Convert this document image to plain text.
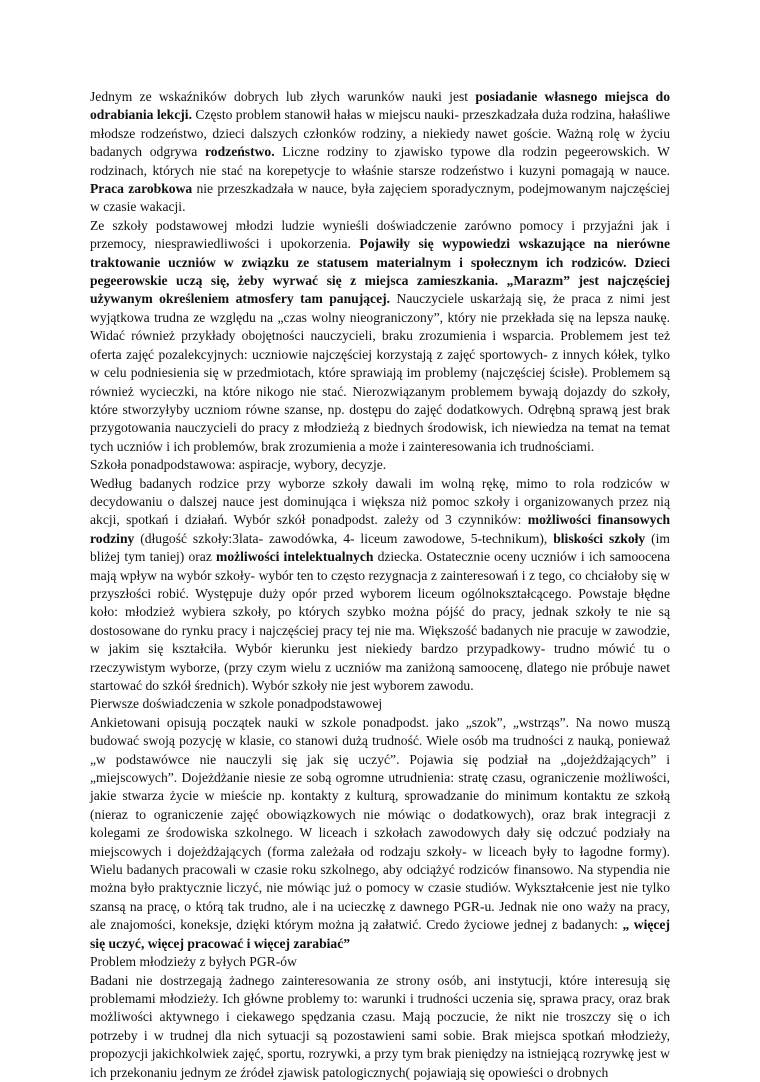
Jednym ze wskaźników dobrych lub złych warunków nauki jest posiadanie własnego miejsca do odrabiania lekcji. Często problem stanowił hałas w miejscu nauki- przeszkadzała duża rodzina, hałaśliwe młodsze rodzeństwo, dzieci dalszych członków rodziny, a niekiedy nawet goście. Ważną rolę w życiu badanych odgrywa rodzeństwo. Liczne rodziny to zjawisko typowe dla rodzin pegeerowskich. W rodzinach, których nie stać na korepetycje to właśnie starsze rodzeństwo i kuzyni pomagają w nauce. Praca zarobkowa nie przeszkadzała w nauce, była zajęciem sporadycznym, podejmowanym najczęściej w czasie wakacji.

Ze szkoły podstawowej młodzi ludzie wynieśli doświadczenie zarówno pomocy i przyjaźni jak i przemocy, niesprawiedliwości i upokorzenia. Pojawiły się wypowiedzi wskazujące na nierówne traktowanie uczniów w związku ze statusem materialnym i społecznym ich rodziców. Dzieci pegeerowskie uczą się, żeby wyrwać się z miejsca zamieszkania. „Marazm” jest najczęściej używanym określeniem atmosfery tam panującej. Nauczyciele uskarżają się, że praca z nimi jest wyjątkowa trudna ze względu na „czas wolny nieograniczony”, który nie przekłada się na lepsza naukę. Widać również przykłady obojętności nauczycieli, braku zrozumienia i wsparcia. Problemem jest też oferta zajęć pozalekcyjnych: uczniowie najczęściej korzystają z zajęć sportowych- z innych kółek, tylko w celu podniesienia się w przedmiotach, które sprawiają im problemy (najczęściej ścisłe). Problemem są również wycieczki, na które nikogo nie stać. Nierozwiązanym problemem bywają dojazdy do szkoły, które stworzyłyby uczniom równe szanse, np. dostępu do zajęć dodatkowych. Odrębną sprawą jest brak przygotowania nauczycieli do pracy z młodzieżą z biednych środowisk, ich niewiedza na temat na temat tych uczniów i ich problemów, brak zrozumienia a może i zainteresowania ich trudnościami.

Szkoła ponadpodstawowa: aspiracje, wybory, decyzje.

Według badanych rodzice przy wyborze szkoły dawali im wolną rękę, mimo to rola rodziców w decydowaniu o dalszej nauce jest dominująca i większa niż pomoc szkoły i organizowanych przez nią akcji, spotkań i działań. Wybór szkół ponadpodst. zależy od 3 czynników: możliwości finansowych rodziny (długość szkoły:3lata- zawodówka, 4- liceum zawodowe, 5-technikum), bliskości szkoły (im bliżej tym taniej) oraz możliwości intelektualnych dziecka. Ostatecznie oceny uczniów i ich samoocena mają wpływ na wybór szkoły- wybór ten to często rezygnacja z zainteresowań i z tego, co chciałoby się w przyszłości robić. Występuje duży opór przed wyborem liceum ogólnokształcącego. Powstaje błędne koło: młodzież wybiera szkoły, po których szybko można pójść do pracy, jednak szkoły te nie są dostosowane do rynku pracy i najczęściej pracy tej nie ma. Większość badanych nie pracuje w zawodzie, w jakim się kształciła. Wybór kierunku jest niekiedy bardzo przypadkowy- trudno mówić tu o rzeczywistym wyborze, (przy czym wielu z uczniów ma zaniżoną samoocenę, dlatego nie próbuje nawet startować do szkół średnich). Wybór szkoły nie jest wyborem zawodu.

Pierwsze doświadczenia w szkole ponadpodstawowej

Ankietowani opisują początek nauki w szkole ponadpodst. jako „szok”, „wstrząs”. Na nowo muszą budować swoją pozycję w klasie, co stanowi dużą trudność. Wiele osób ma trudności z nauką, ponieważ „w podstawówce nie nauczyli się jak się uczyć”. Pojawia się podział na „dojeżdżających” i „miejscowych”. Dojeżdżanie niesie ze sobą ogromne utrudnienia: stratę czasu, ograniczenie możliwości, jakie stwarza życie w mieście np. kontakty z kulturą, sprowadzanie do minimum kontaktu ze szkołą (nieraz to ograniczenie zajęć obowiązkowych nie mówiąc o dodatkowych), oraz brak integracji z kolegami ze środowiska szkolnego. W liceach i szkołach zawodowych dały się odczuć podziały na miejscowych i dojeżdżających (forma zależała od rodzaju szkoły- w liceach były to łagodne formy). Wielu badanych pracowali w czasie roku szkolnego, aby odciążyć rodziców finansowo. Na stypendia nie można było praktycznie liczyć, nie mówiąc już o pomocy w czasie studiów. Wykształcenie jest nie tylko szansą na pracę, o którą tak trudno, ale i na ucieczkę z dawnego PGR-u. Jednak nie ono waży na pracy, ale znajomości, koneksje, dzięki którym można ją załatwić. Credo życiowe jednej z badanych: „ więcej się uczyć, więcej pracować i więcej zarabiać”

Problem młodzieży z byłych PGR-ów

Badani nie dostrzegają żadnego zainteresowania ze strony osób, ani instytucji, które interesują się problemami młodzieży. Ich główne problemy to: warunki i trudności uczenia się, sprawa pracy, oraz brak możliwości aktywnego i ciekawego spędzania czasu. Mają poczucie, że nikt nie troszczy się o ich potrzeby i w trudnej dla nich sytuacji są pozostawieni sami sobie. Brak miejsca spotkań młodzieży, propozycji jakichkolwiek zajęć, sportu, rozrywki, a przy tym brak pieniędzy na istniejącą rozrywkę jest w ich przekonaniu jednym ze źródeł zjawisk patologicznych( pojawiają się opowieści o drobnych
